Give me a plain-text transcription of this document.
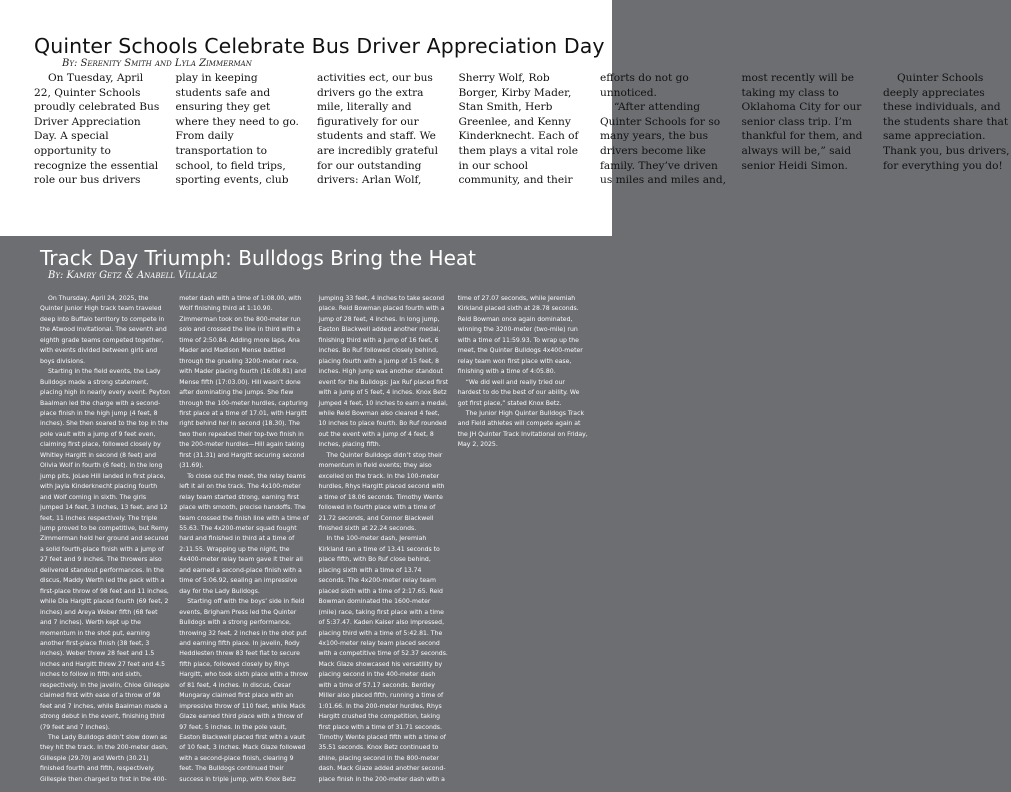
Quinter Schools Celebrate Bus Driver Appreciation Day
By: Serenity Smith and Lyla Zimmerman

On Tuesday, April 22, Quinter Schools proudly celebrated Bus Driver Appreciation Day. A special opportunity to recognize the essential role our bus drivers play in keeping students safe and ensuring they get where they need to go. From daily transportation to school, to field trips, sporting events, club activities ect, our bus drivers go the extra mile, literally and figuratively for our students and staff. We are incredibly grateful for our outstanding drivers: Arlan Wolf, Sherry Wolf, Rob Borger, Kirby Mader, Stan Smith, Herb Greenlee, and Kenny Kinderknecht. Each of them plays a vital role in our school community, and their efforts do not go unnoticed.

“After attending Quinter Schools for so many years, the bus drivers become like family. They’ve driven us miles and miles and, most recently will be taking my class to Oklahoma City for our senior class trip. I’m thankful for them, and always will be,” said senior Heidi Simon.

Quinter Schools deeply appreciates these individuals, and the students share that same appreciation. Thank you, bus drivers, for everything you do!

Track Day Triumph: Bulldogs Bring the Heat
By: Kamry Getz & Anabell Villalaz

On Thursday, April 24, 2025, the Quinter Junior High track team traveled deep into Buffalo territory to compete in the Atwood Invitational. The seventh and eighth grade teams competed together, with events divided between girls and boys divisions.

Starting in the field events, the Lady Bulldogs made a strong statement, placing high in nearly every event. Peyton Baalman led the charge with a second-place finish in the high jump (4 feet, 8 inches). She then soared to the top in the pole vault with a jump of 9 feet even, claiming first place, followed closely by Whitley Hargitt in second (8 feet) and Olivia Wolf in fourth (6 feet). In the long jump pits, JoLee Hill landed in first place, with Jayla Kinderknecht placing fourth and Wolf coming in sixth. The girls jumped 14 feet, 3 inches, 13 feet, and 12 feet, 11 inches respectively. The triple jump proved to be competitive, but Remy Zimmerman held her ground and secured a solid fourth-place finish with a jump of 27 feet and 9 inches. The throwers also delivered standout performances. In the discus, Maddy Werth led the pack with a first-place throw of 98 feet and 11 inches, while Dia Hargitt placed fourth (69 feet, 2 inches) and Areya Weber fifth (68 feet and 7 inches). Werth kept up the momentum in the shot put, earning another first-place finish (38 feet, 3 inches). Weber threw 28 feet and 1.5 inches and Hargitt threw 27 feet and 4.5 inches to follow in fifth and sixth, respectively. In the javelin, Chloe Gillespie claimed first with ease of a throw of 98 feet and 7 inches, while Baalman made a strong debut in the event, finishing third (79 feet and 7 inches).

The Lady Bulldogs didn’t slow down as they hit the track. In the 200-meter dash, Gillespie (29.70) and Werth (30.21) finished fourth and fifth, respectively. Gillespie then charged to first in the 400-meter dash with a time of 1:08.00, with Wolf finishing third at 1:10.90. Zimmerman took on the 800-meter run solo and crossed the line in third with a time of 2:50.84. Adding more laps, Ana Mader and Madison Mense battled through the grueling 3200-meter race, with Mader placing fourth (16:08.81) and Mense fifth (17:03.00). Hill wasn’t done after dominating the jumps. She flew through the 100-meter hurdles, capturing first place at a time of 17.01, with Hargitt right behind her in second (18.30). The two then repeated their top-two finish in the 200-meter hurdles—Hill again taking first (31.31) and Hargitt securing second (31.69).

To close out the meet, the relay teams left it all on the track. The 4x100-meter relay team started strong, earning first place with smooth, precise handoffs. The team crossed the finish line with a time of 55.63. The 4x200-meter squad fought hard and finished in third at a time of 2:11.55. Wrapping up the night, the 4x400-meter relay team gave it their all and earned a second-place finish with a time of 5:06.92, sealing an impressive day for the Lady Bulldogs.

Starting off with the boys’ side in field events, Brigham Press led the Quinter Bulldogs with a strong performance, throwing 32 feet, 2 inches in the shot put and earning fifth place. In javelin, Rody Heddlesten threw 83 feet flat to secure fifth place, followed closely by Rhys Hargitt, who took sixth place with a throw of 81 feet, 4 inches. In discus, Cesar Mungaray claimed first place with an impressive throw of 110 feet, while Mack Glaze earned third place with a throw of 97 feet, 5 inches. In the pole vault, Easton Blackwell placed first with a vault of 10 feet, 3 inches. Mack Glaze followed with a second-place finish, clearing 9 feet. The Bulldogs continued their success in triple jump, with Knox Betz jumping 33 feet, 4 inches to take second place. Reid Bowman placed fourth with a jump of 28 feet, 4 inches. In long jump, Easton Blackwell added another medal, finishing third with a jump of 16 feet, 6 inches. Bo Ruf followed closely behind, placing fourth with a jump of 15 feet, 8 inches. High jump was another standout event for the Bulldogs: Jax Ruf placed first with a jump of 5 feet, 4 inches. Knox Betz jumped 4 feet, 10 inches to earn a medal, while Reid Bowman also cleared 4 feet, 10 inches to place fourth. Bo Ruf rounded out the event with a jump of 4 feet, 8 inches, placing fifth.

The Quinter Bulldogs didn’t stop their momentum in field events; they also excelled on the track. In the 100-meter hurdles, Rhys Hargitt placed second with a time of 18.06 seconds. Timothy Wente followed in fourth place with a time of 21.72 seconds, and Connor Blackwell finished sixth at 22.24 seconds.

In the 100-meter dash, Jeremiah Kirkland ran a time of 13.41 seconds to place fifth, with Bo Ruf close behind, placing sixth with a time of 13.74 seconds. The 4x200-meter relay team placed sixth with a time of 2:17.65. Reid Bowman dominated the 1600-meter (mile) race, taking first place with a time of 5:37.47. Kaden Kaiser also impressed, placing third with a time of 5:42.81. The 4x100-meter relay team placed second with a competitive time of 52.37 seconds. Mack Glaze showcased his versatility by placing second in the 400-meter dash with a time of 57.17 seconds. Bentley Miller also placed fifth, running a time of 1:01.66. In the 200-meter hurdles, Rhys Hargitt crushed the competition, taking first place with a time of 31.71 seconds. Timothy Wente placed fifth with a time of 35.51 seconds. Knox Betz continued to shine, placing second in the 800-meter dash. Mack Glaze added another second-place finish in the 200-meter dash with a time of 27.07 seconds, while Jeremiah Kirkland placed sixth at 28.78 seconds. Reid Bowman once again dominated, winning the 3200-meter (two-mile) run with a time of 11:59.93. To wrap up the meet, the Quinter Bulldogs 4x400-meter relay team won first place with ease, finishing with a time of 4:05.80.

“We did well and really tried our hardest to do the best of our ability. We got first place,” stated Knox Betz.

The Junior High Quinter Bulldogs Track and Field athletes will compete again at the JH Quinter Track Invitational on Friday, May 2, 2025.
